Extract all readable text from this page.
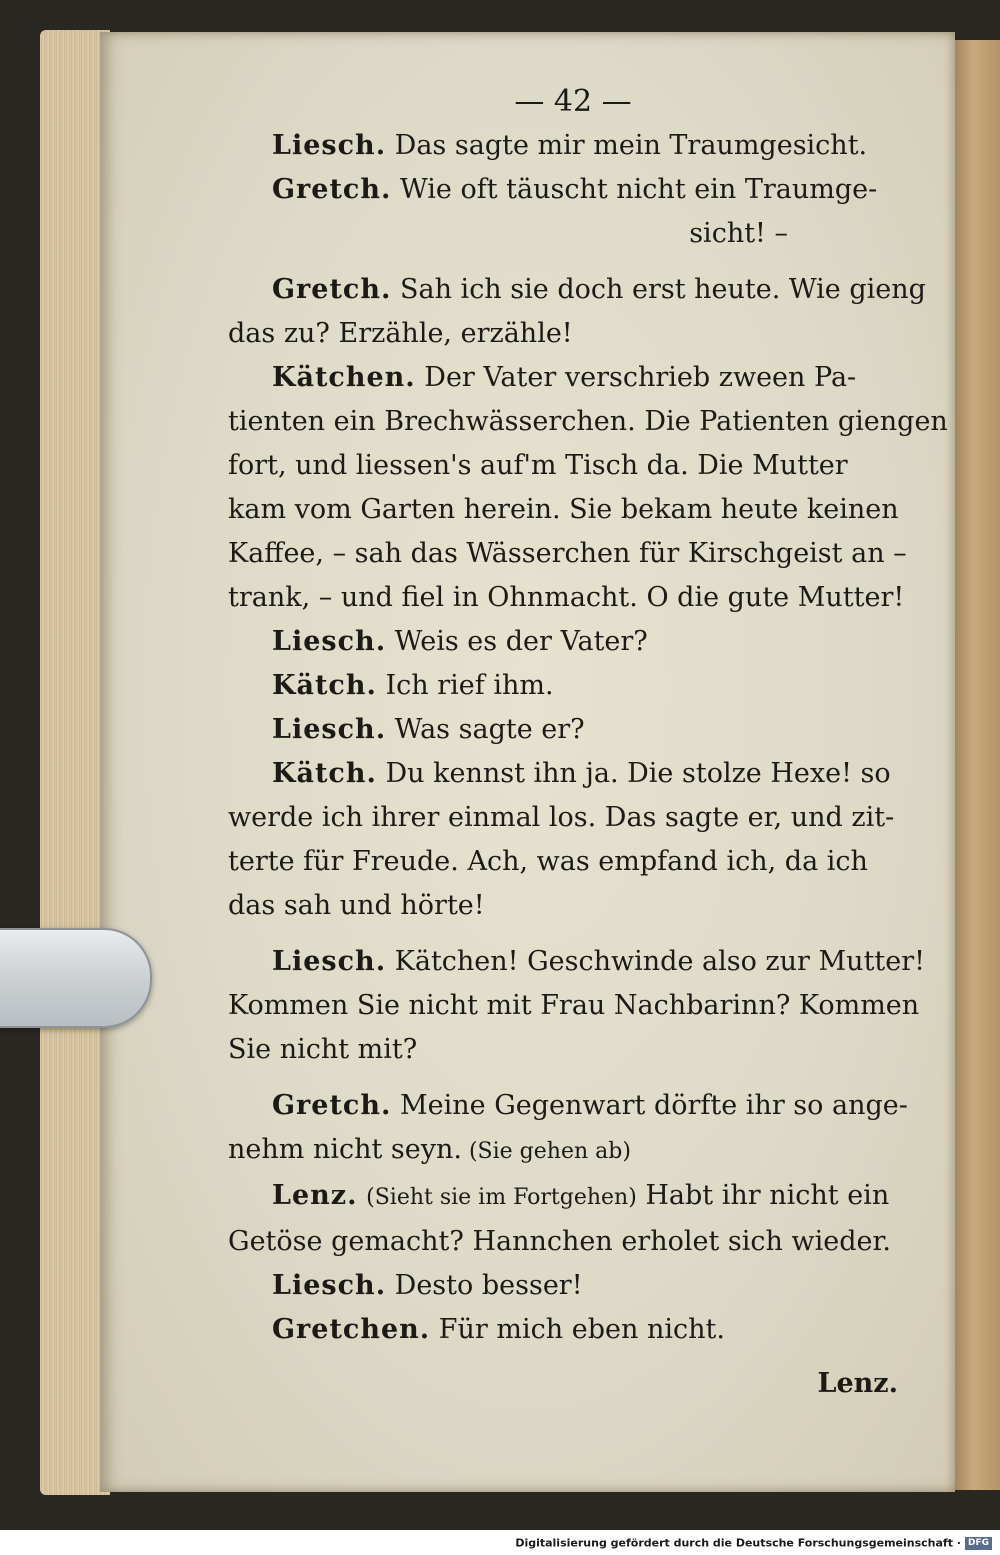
— 42 —
Liesch. Das sagte mir mein Traumgesicht.
Gretch. Wie oft täuscht nicht ein Traumge-
sicht! –
Gretch. Sah ich sie doch erst heute. Wie gieng
das zu? Erzähle, erzähle!
Kätchen. Der Vater verschrieb zween Pa-
tienten ein Brechwässerchen. Die Patienten giengen
fort, und liessen's auf'm Tisch da. Die Mutter
kam vom Garten herein. Sie bekam heute keinen
Kaffee, – sah das Wässerchen für Kirschgeist an –
trank, – und fiel in Ohnmacht. O die gute Mutter!
Liesch. Weis es der Vater?
Kätch. Ich rief ihm.
Liesch. Was sagte er?
Kätch. Du kennst ihn ja. Die stolze Hexe! so
werde ich ihrer einmal los. Das sagte er, und zit-
terte für Freude. Ach, was empfand ich, da ich
das sah und hörte!
Liesch. Kätchen! Geschwinde also zur Mutter!
Kommen Sie nicht mit Frau Nachbarinn? Kommen
Sie nicht mit?
Gretch. Meine Gegenwart dörfte ihr so ange-
nehm nicht seyn. (Sie gehen ab)
Lenz. (Sieht sie im Fortgehen) Habt ihr nicht ein
Getöse gemacht? Hannchen erholet sich wieder.
Liesch. Desto besser!
Gretchen. Für mich eben nicht.
Lenz.
Digitalisierung gefördert durch die Deutsche Forschungsgemeinschaft · DFG
